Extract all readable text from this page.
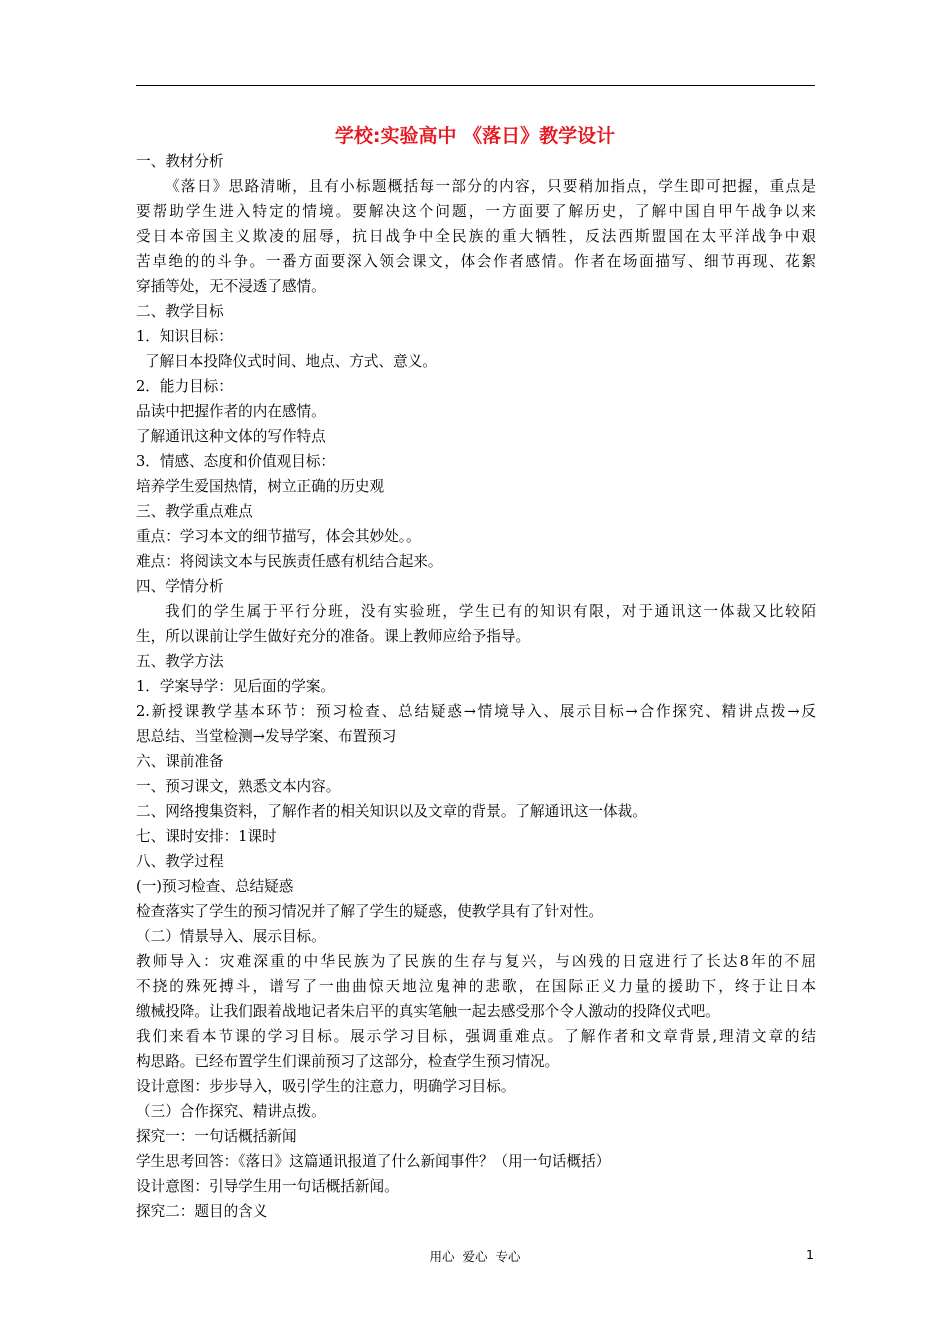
学校:实验高中 《落日》教学设计
一、教材分析
《落日》思路清晰，且有小标题概括每一部分的内容，只要稍加指点，学生即可把握，重点是
要帮助学生进入特定的情境。要解决这个问题，一方面要了解历史，了解中国自甲午战争以来
受日本帝国主义欺凌的屈辱，抗日战争中全民族的重大牺牲，反法西斯盟国在太平洋战争中艰
苦卓绝的的斗争。一番方面要深入领会课文，体会作者感情。作者在场面描写、细节再现、花絮
穿插等处，无不浸透了感情。
二、教学目标
1．知识目标：
了解日本投降仪式时间、地点、方式、意义。
2．能力目标：
品读中把握作者的内在感情。
了解通讯这种文体的写作特点
3．情感、态度和价值观目标：
培养学生爱国热情，树立正确的历史观
三、教学重点难点
重点：学习本文的细节描写，体会其妙处。。
难点：将阅读文本与民族责任感有机结合起来。
四、学情分析
我们的学生属于平行分班，没有实验班，学生已有的知识有限，对于通讯这一体裁又比较陌
生，所以课前让学生做好充分的准备。课上教师应给予指导。
五、教学方法
1．学案导学：见后面的学案。
2.新授课教学基本环节：预习检查、总结疑惑→情境导入、展示目标→合作探究、精讲点拨→反
思总结、当堂检测→发导学案、布置预习
六、课前准备
一、预习课文，熟悉文本内容。
二、网络搜集资料，了解作者的相关知识以及文章的背景。了解通讯这一体裁。
七、课时安排：1课时
八、教学过程
(一)预习检查、总结疑惑
检查落实了学生的预习情况并了解了学生的疑惑，使教学具有了针对性。
（二）情景导入、展示目标。
教师导入：灾难深重的中华民族为了民族的生存与复兴，与凶残的日寇进行了长达8年的不屈
不挠的殊死搏斗，谱写了一曲曲惊天地泣鬼神的悲歌，在国际正义力量的援助下，终于让日本
缴械投降。让我们跟着战地记者朱启平的真实笔触一起去感受那个令人激动的投降仪式吧。
我们来看本节课的学习目标。展示学习目标，强调重难点。了解作者和文章背景,理清文章的结
构思路。已经布置学生们课前预习了这部分，检查学生预习情况。
设计意图：步步导入，吸引学生的注意力，明确学习目标。
（三）合作探究、精讲点拨。
探究一：一句话概括新闻
学生思考回答：《落日》这篇通讯报道了什么新闻事件？（用一句话概括）
设计意图：引导学生用一句话概括新闻。
探究二：题目的含义
用心  爱心  专心	1
